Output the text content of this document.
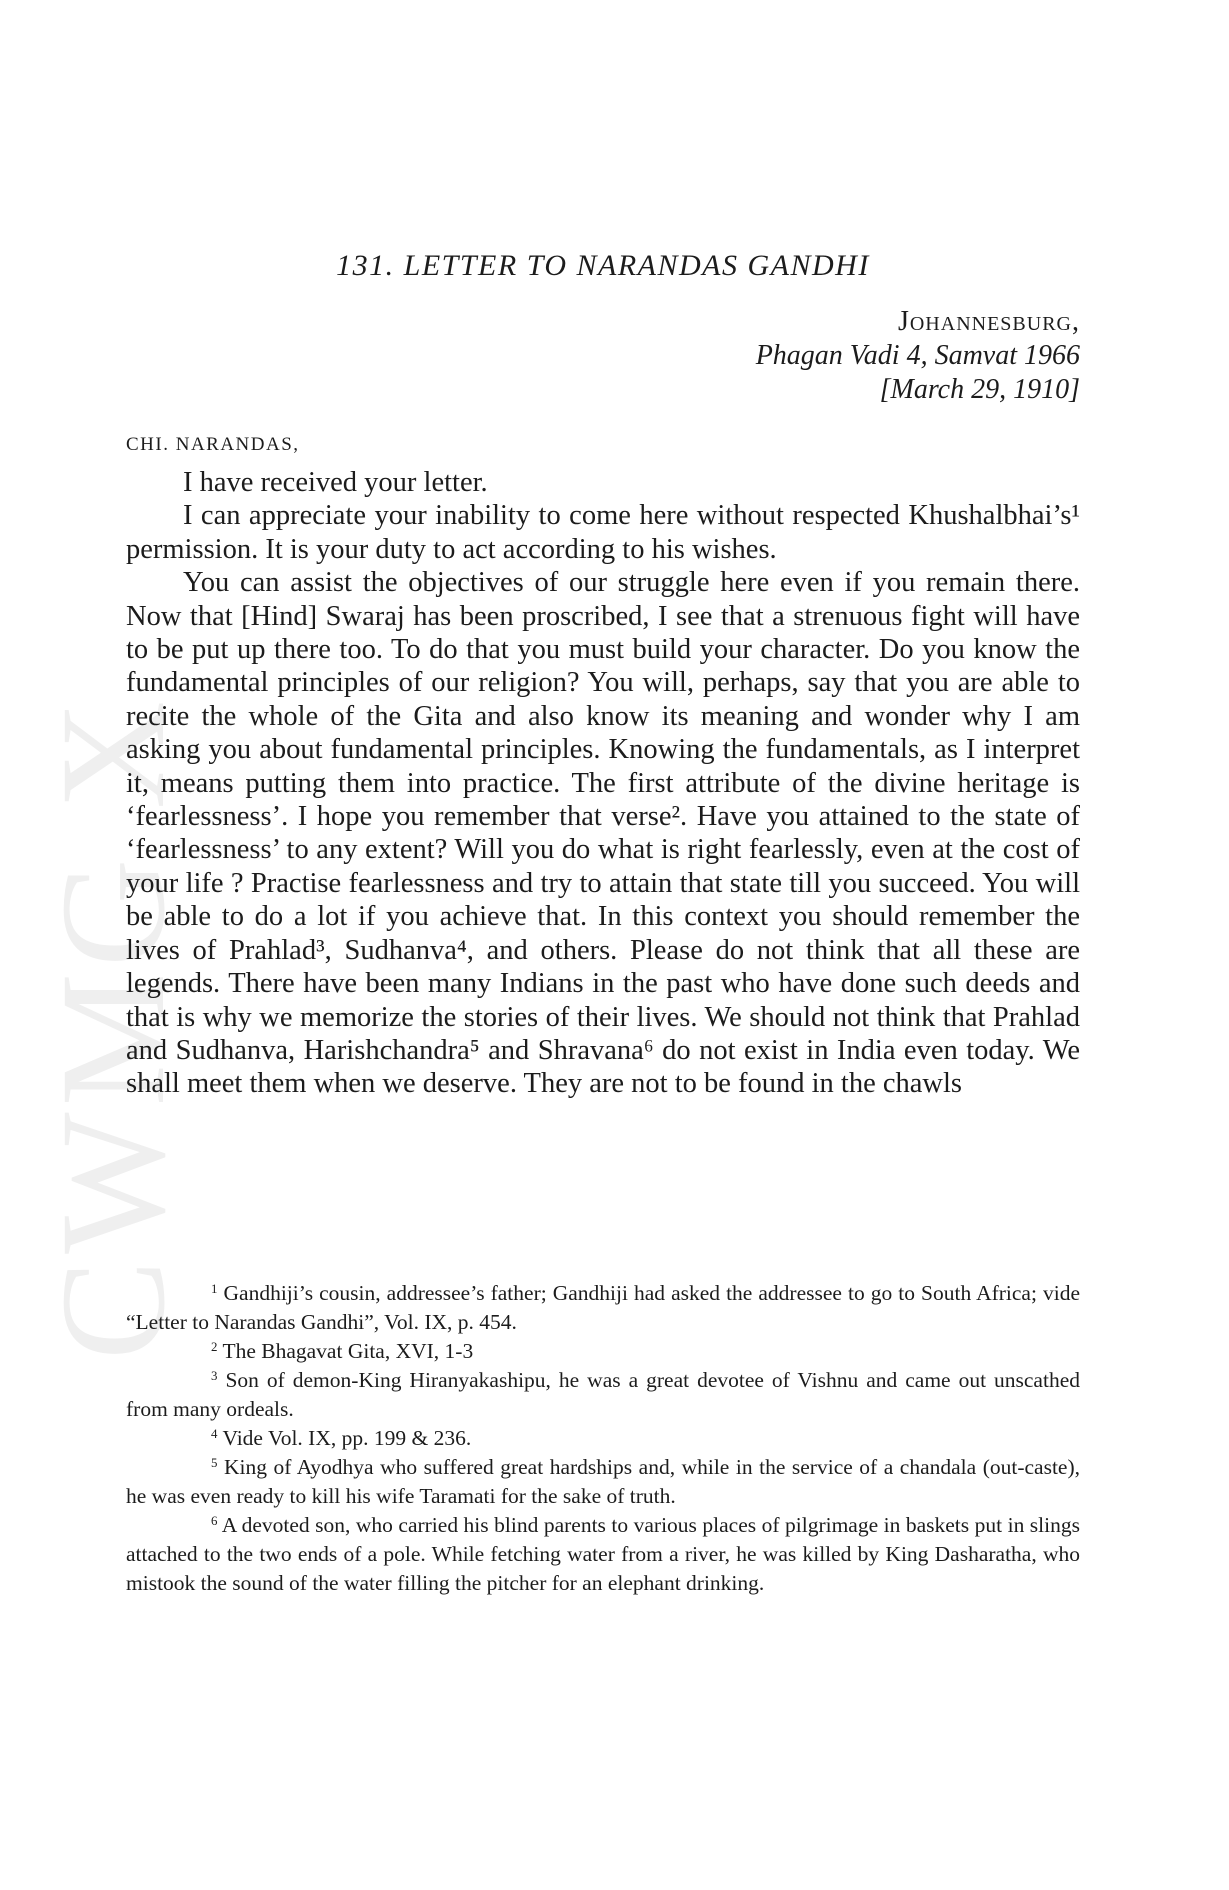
CWMG X
131. LETTER TO NARANDAS GANDHI
Johannesburg,
Phagan Vadi 4, Samvat 1966
[March 29, 1910]
CHI. NARANDAS,

I have received your letter.

I can appreciate your inability to come here without respected Khushalbhai’s¹ permission. It is your duty to act according to his wishes.

You can assist the objectives of our struggle here even if you remain there. Now that [Hind] Swaraj has been proscribed, I see that a strenuous fight will have to be put up there too. To do that you must build your character. Do you know the fundamental principles of our religion? You will, perhaps, say that you are able to recite the whole of the Gita and also know its meaning and wonder why I am asking you about fundamental principles. Knowing the fundamentals, as I interpret it, means putting them into practice. The first attribute of the divine heritage is ‘fearlessness’. I hope you remember that verse². Have you attained to the state of ‘fearlessness’ to any extent? Will you do what is right fearlessly, even at the cost of your life ? Practise fearlessness and try to attain that state till you succeed. You will be able to do a lot if you achieve that. In this context you should remember the lives of Prahlad³, Sudhanva⁴, and others. Please do not think that all these are legends. There have been many Indians in the past who have done such deeds and that is why we memorize the stories of their lives. We should not think that Prahlad and Sudhanva, Harishchandra⁵ and Shravana⁶ do not exist in India even today. We shall meet them when we deserve. They are not to be found in the chawls

$^1$ Gandhiji’s cousin, addressee’s father; Gandhiji had asked the addressee to go to South Africa; vide “Letter to Narandas Gandhi”, Vol. IX, p. 454.

$^2$ The Bhagavat Gita, XVI, 1-3

$^3$ Son of demon-King Hiranyakashipu, he was a great devotee of Vishnu and came out unscathed from many ordeals.

$^4$ Vide Vol. IX, pp. 199 & 236.

$^5$ King of Ayodhya who suffered great hardships and, while in the service of a chandala (out-caste), he was even ready to kill his wife Taramati for the sake of truth.

$^6$ A devoted son, who carried his blind parents to various places of pilgrimage in baskets put in slings attached to the two ends of a pole. While fetching water from a river, he was killed by King Dasharatha, who mistook the sound of the water filling the pitcher for an elephant drinking.
